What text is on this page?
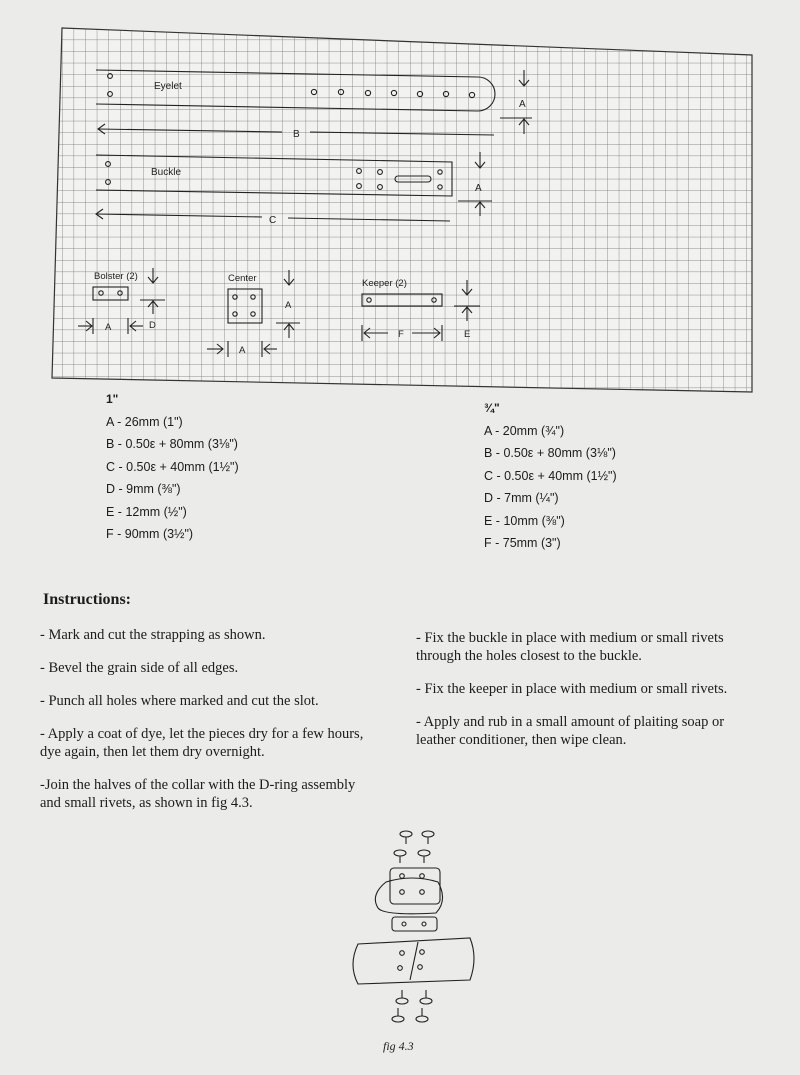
Eyelet
A
B
Buckle
A
C
Bolster (2)
A	D
Center
A
A
Keeper (2)
F	E
1"
A - 26mm (1")
B - 0.50ε + 80mm (3⅛")
C - 0.50ε + 40mm (1½")
D - 9mm (⅜")
E - 12mm (½")
F - 90mm (3½")
¾"
A - 20mm (¾")
B - 0.50ε + 80mm (3⅛")
C - 0.50ε + 40mm (1½")
D - 7mm (¼")
E - 10mm (⅜")
F - 75mm (3")
Instructions:
- Mark and cut the strapping as shown.
- Bevel the grain side of all edges.
- Punch all holes where marked and cut the slot.
- Apply a coat of dye, let the pieces dry for a few hours, dye again, then let them dry overnight.
-Join the halves of the collar with the D-ring assembly and small rivets, as shown in fig 4.3.
- Fix the buckle in place with medium or small rivets through the holes closest to the buckle.
- Fix the keeper in place with medium or small rivets.
- Apply and rub in a small amount of plaiting soap or leather conditioner, then wipe clean.
fig 4.3
